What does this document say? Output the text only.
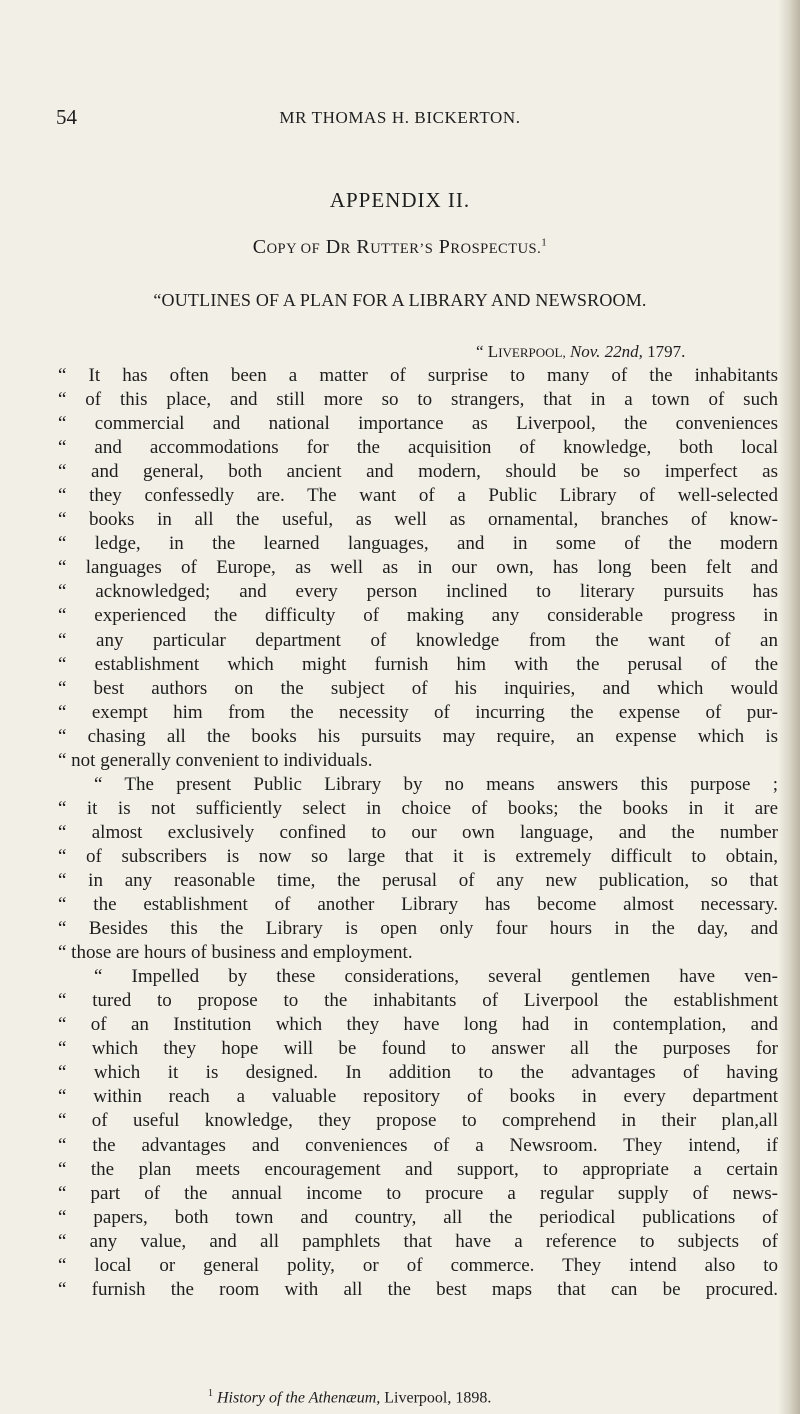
54	MR THOMAS H. BICKERTON.
APPENDIX II.
COPY OF DR RUTTER’S PROSPECTUS.$^1$
“OUTLINES OF A PLAN FOR A LIBRARY AND NEWSROOM.
“ LIVERPOOL, Nov. 22nd, 1797.
“ It has often been a matter of surprise to many of the inhabitants
“ of this place, and still more so to strangers, that in a town of such
“ commercial and national importance as Liverpool, the conveniences
“ and accommodations for the acquisition of knowledge, both local
“ and general, both ancient and modern, should be so imperfect as
“ they confessedly are. The want of a Public Library of well-selected
“ books in all the useful, as well as ornamental, branches of know-
“ ledge, in the learned languages, and in some of the modern
“ languages of Europe, as well as in our own, has long been felt and
“ acknowledged; and every person inclined to literary pursuits has
“ experienced the difficulty of making any considerable progress in
“ any particular department of knowledge from the want of an
“ establishment which might furnish him with the perusal of the
“ best authors on the subject of his inquiries, and which would
“ exempt him from the necessity of incurring the expense of pur-
“ chasing all the books his pursuits may require, an expense which is
“ not generally convenient to individuals.
“ The present Public Library by no means answers this purpose ;
“ it is not sufficiently select in choice of books; the books in it are
“ almost exclusively confined to our own language, and the number
“ of subscribers is now so large that it is extremely difficult to obtain,
“ in any reasonable time, the perusal of any new publication, so that
“ the establishment of another Library has become almost necessary.
“ Besides this the Library is open only four hours in the day, and
“ those are hours of business and employment.
“ Impelled by these considerations, several gentlemen have ven-
“ tured to propose to the inhabitants of Liverpool the establishment
“ of an Institution which they have long had in contemplation, and
“ which they hope will be found to answer all the purposes for
“ which it is designed. In addition to the advantages of having
“ within reach a valuable repository of books in every department
“ of useful knowledge, they propose to comprehend in their plan,all
“ the advantages and conveniences of a Newsroom. They intend, if
“ the plan meets encouragement and support, to appropriate a certain
“ part of the annual income to procure a regular supply of news-
“ papers, both town and country, all the periodical publications of
“ any value, and all pamphlets that have a reference to subjects of
“ local or general polity, or of commerce. They intend also to
“ furnish the room with all the best maps that can be procured.
$^1$ History of the Athenæum, Liverpool, 1898.
